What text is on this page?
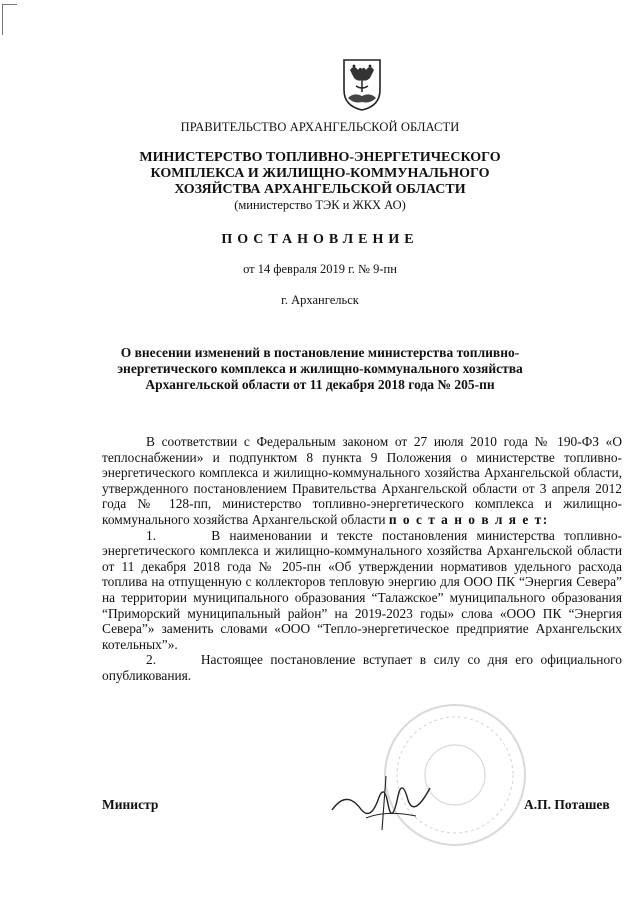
ПРАВИТЕЛЬСТВО АРХАНГЕЛЬСКОЙ ОБЛАСТИ
МИНИСТЕРСТВО ТОПЛИВНО-ЭНЕРГЕТИЧЕСКОГО
КОМПЛЕКСА И ЖИЛИЩНО-КОММУНАЛЬНОГО
ХОЗЯЙСТВА АРХАНГЕЛЬСКОЙ ОБЛАСТИ
(министерство ТЭК и ЖКХ АО)
ПОСТАНОВЛЕНИЕ
от 14 февраля 2019 г. № 9-пн
г. Архангельск
О внесении изменений в постановление министерства топливно-
энергетического комплекса и жилищно-коммунального хозяйства
Архангельской области от 11 декабря 2018 года № 205-пн

В соответствии с Федеральным законом от 27 июля 2010 года № 190-ФЗ «О теплоснабжении» и подпунктом 8 пункта 9 Положения о министерстве топливно-энергетического комплекса и жилищно-коммунального хозяйства Архангельской области, утвержденного постановлением Правительства Архангельской области от 3 апреля 2012 года № 128-пп, министерство топливно-энергетического комплекса и жилищно-коммунального хозяйства Архангельской области п о с т а н о в л я е т:

1.	В наименовании и тексте постановления министерства топливно-энергетического комплекса и жилищно-коммунального хозяйства Архангельской области от 11 декабря 2018 года № 205-пн «Об утверждении нормативов удельного расхода топлива на отпущенную с коллекторов тепловую энергию для ООО ПК “Энергия Севера” на территории муниципального образования “Талажское” муниципального образования “Приморский муниципальный район” на 2019-2023 годы» слова «ООО ПК “Энергия Севера”» заменить словами «ООО “Тепло-энергетическое предприятие Архангельских котельных”».

2.	Настоящее постановление вступает в силу со дня его официального опубликования.

Министр	А.П. Поташев
